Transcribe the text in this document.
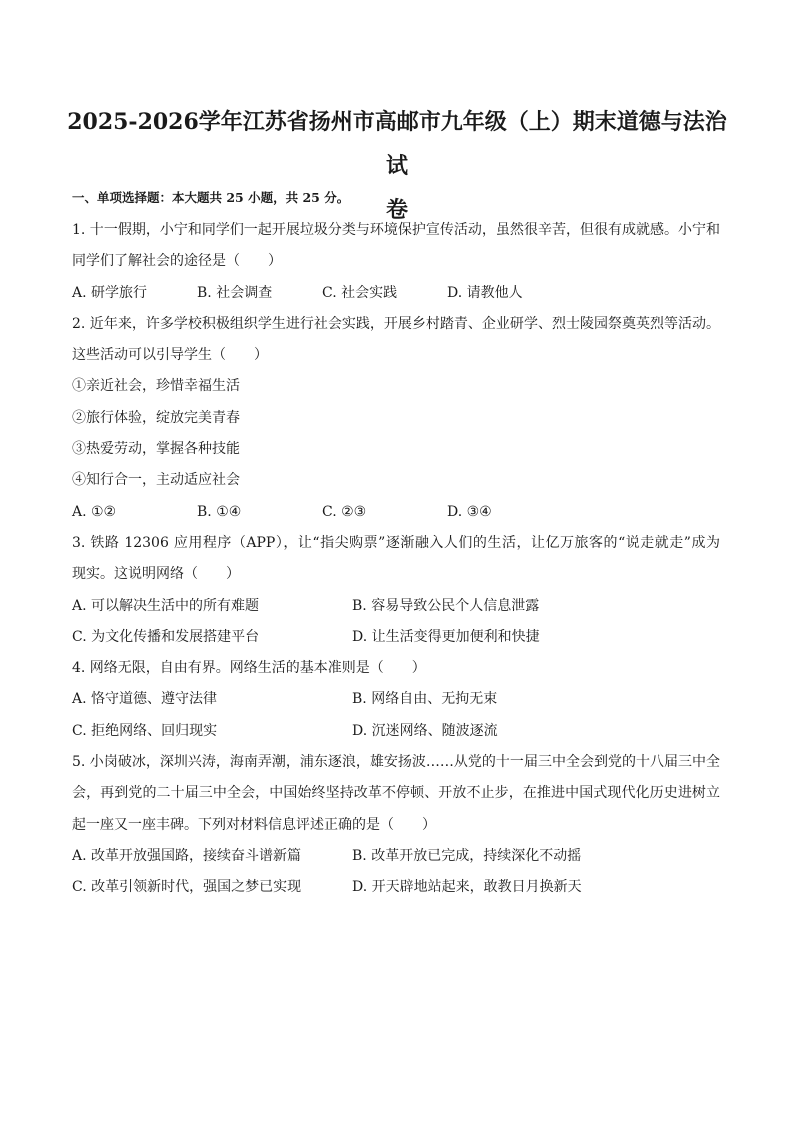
2025-2026学年江苏省扬州市高邮市九年级（上）期末道德与法治试
卷
一、单项选择题：本大题共 25 小题，共 25 分。
1. 十一假期，小宁和同学们一起开展垃圾分类与环境保护宣传活动，虽然很辛苦，但很有成就感。小宁和
同学们了解社会的途径是（　　）
A. 研学旅行	B. 社会调查	C. 社会实践	D. 请教他人
2. 近年来，许多学校积极组织学生进行社会实践，开展乡村踏青、企业研学、烈士陵园祭奠英烈等活动。
这些活动可以引导学生（　　）
①亲近社会，珍惜幸福生活
②旅行体验，绽放完美青春
③热爱劳动，掌握各种技能
④知行合一，主动适应社会
A. ①②	B. ①④	C. ②③	D. ③④
3. 铁路 12306 应用程序（APP），让“指尖购票”逐渐融入人们的生活，让亿万旅客的“说走就走”成为
现实。这说明网络（　　）
A. 可以解决生活中的所有难题	B. 容易导致公民个人信息泄露
C. 为文化传播和发展搭建平台	D. 让生活变得更加便利和快捷
4. 网络无限，自由有界。网络生活的基本准则是（　　）
A. 恪守道德、遵守法律	B. 网络自由、无拘无束
C. 拒绝网络、回归现实	D. 沉迷网络、随波逐流
5. 小岗破冰，深圳兴涛，海南弄潮，浦东逐浪，雄安扬波……从党的十一届三中全会到党的十八届三中全
会，再到党的二十届三中全会，中国始终坚持改革不停顿、开放不止步，在推进中国式现代化历史进树立
起一座又一座丰碑。下列对材料信息评述正确的是（　　）
A. 改革开放强国路，接续奋斗谱新篇	B. 改革开放已完成，持续深化不动摇
C. 改革引领新时代，强国之梦已实现	D. 开天辟地站起来，敢教日月换新天
